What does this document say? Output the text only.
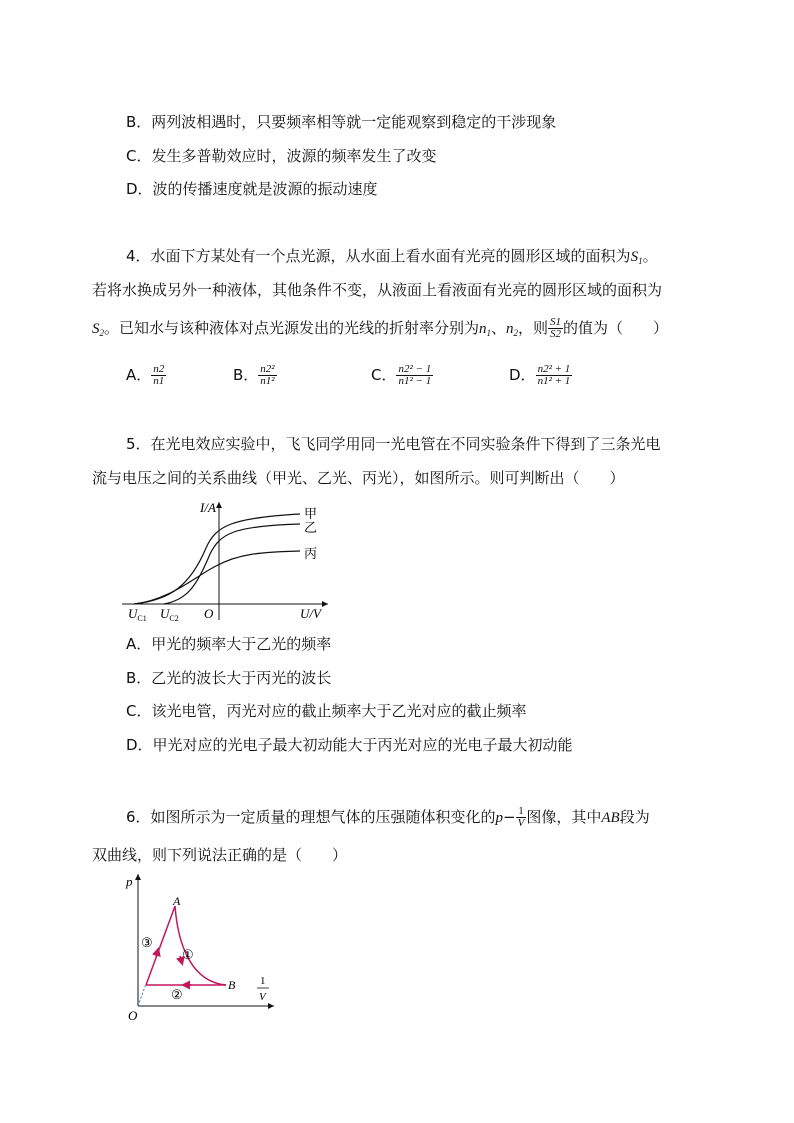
B．两列波相遇时，只要频率相等就一定能观察到稳定的干涉现象
C．发生多普勒效应时，波源的频率发生了改变
D．波的传播速度就是波源的振动速度
4．水面下方某处有一个点光源，从水面上看水面有光亮的圆形区域的面积为$S_1$。
若将水换成另外一种液体，其他条件不变，从液面上看液面有光亮的圆形区域的面积为
$S_2$。已知水与该种液体对点光源发出的光线的折射率分别为$n_1$、$n_2$，则 $\frac{S1}{S2}$ 的值为（　　）
A． $\frac{n2}{n1}$	B． $\frac{\text{n2²}}{\text{n1²}}$	C． $\frac{\text{n2² − 1}}{\text{n1² − 1}}$	D． $\frac{\text{n2² + 1}}{\text{n1² + 1}}$
5．在光电效应实验中，飞飞同学用同一光电管在不同实验条件下得到了三条光电
流与电压之间的关系曲线（甲光、乙光、丙光），如图所示。则可判断出（　　）
I/A
U/V
O
$U_{C1}$ $U_{C2}$
甲
乙
丙
A．甲光的频率大于乙光的频率
B．乙光的波长大于丙光的波长
C．该光电管，丙光对应的截止频率大于乙光对应的截止频率
D．甲光对应的光电子最大初动能大于丙光对应的光电子最大初动能
6．如图所示为一定质量的理想气体的压强随体积变化的$p- \frac{1}{V}$ 图像，其中AB段为
双曲线，则下列说法正确的是（　　）
p
1
V
O
A
B
①
②
③
